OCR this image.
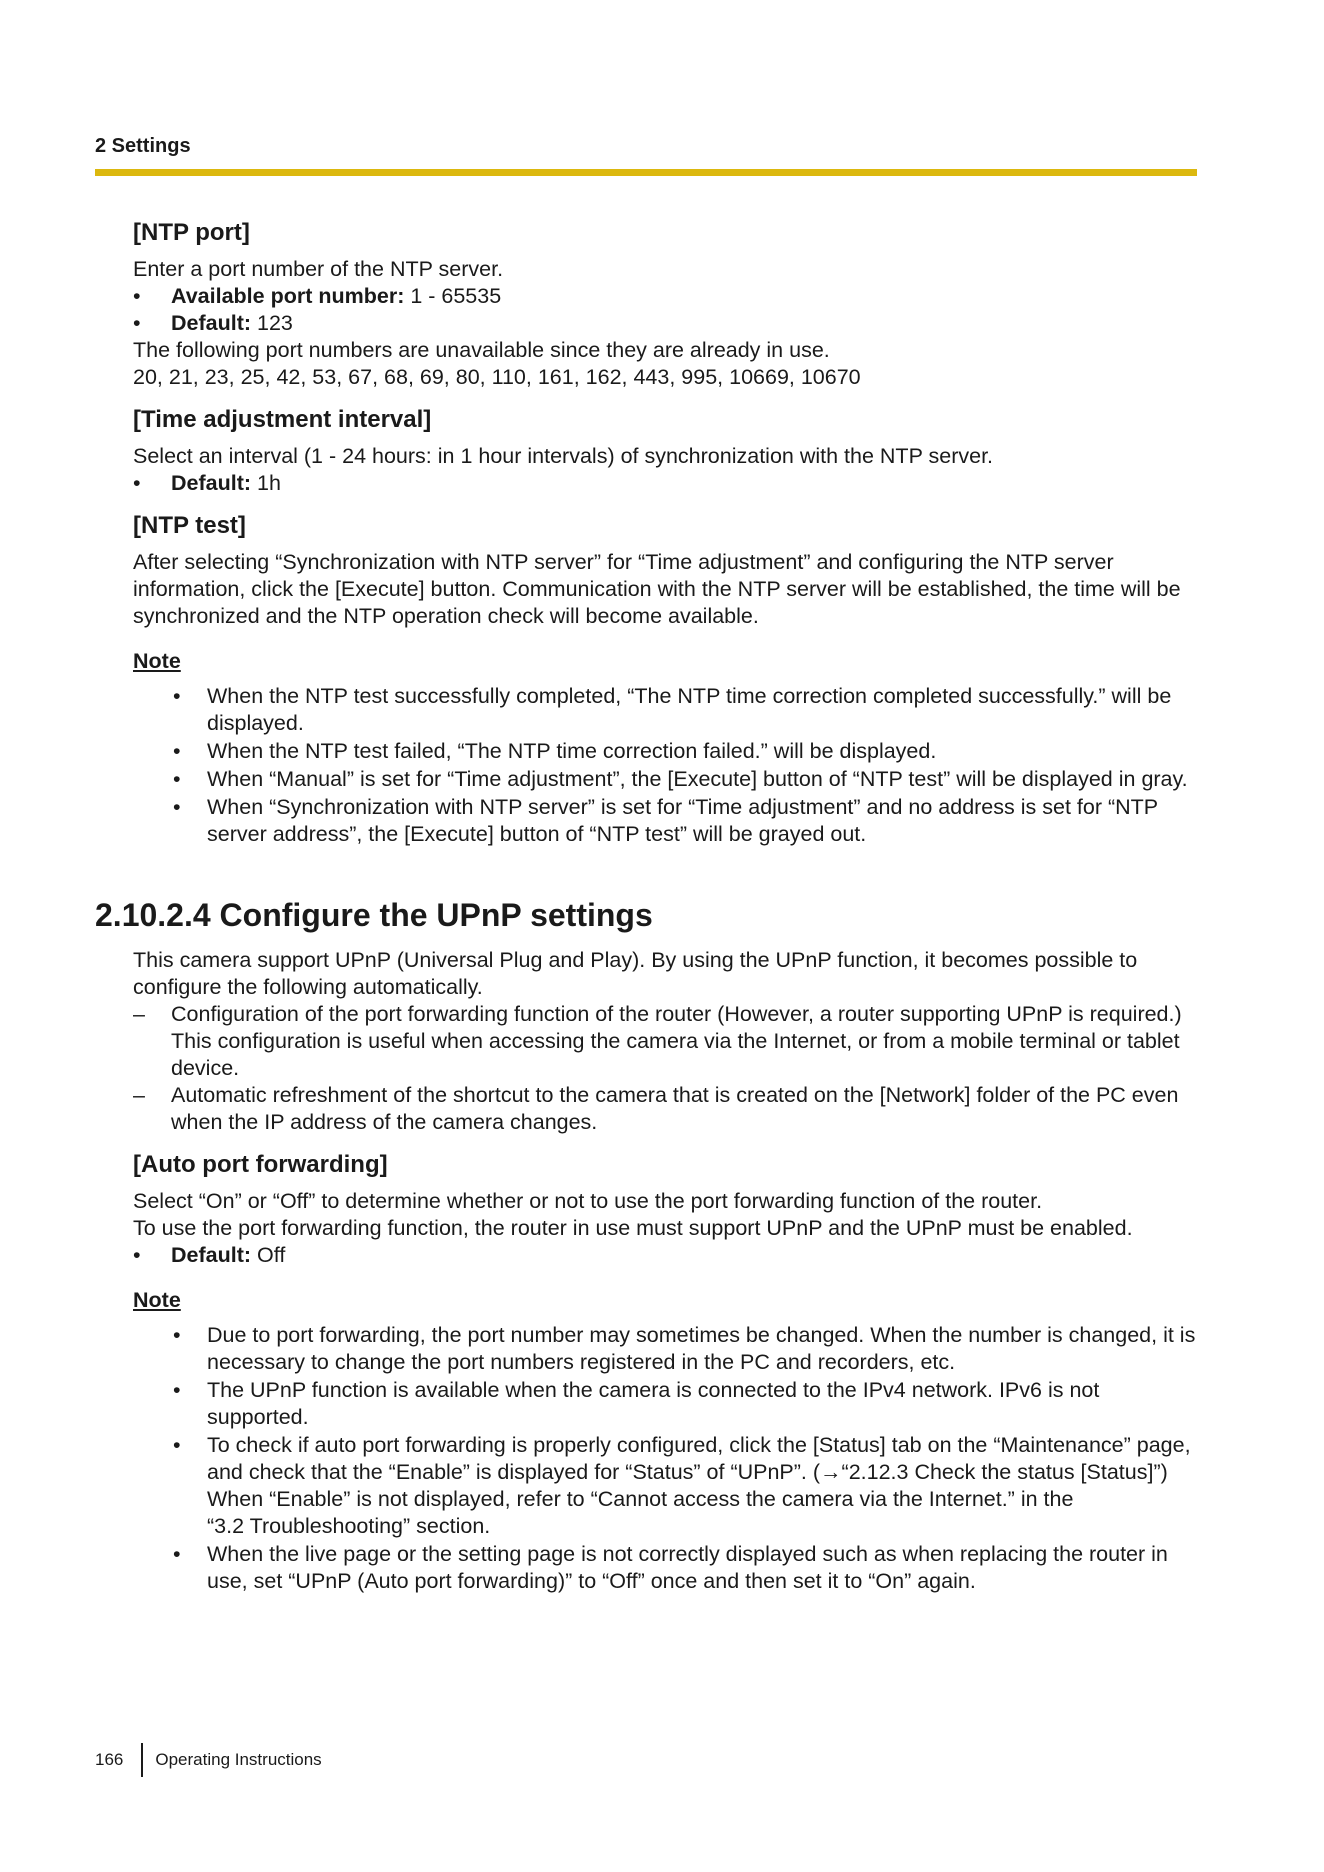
2 Settings
[NTP port]

Enter a port number of the NTP server.

• Available port number: 1 - 65535
• Default: 123

The following port numbers are unavailable since they are already in use.

20, 21, 23, 25, 42, 53, 67, 68, 69, 80, 110, 161, 162, 443, 995, 10669, 10670

[Time adjustment interval]

Select an interval (1 - 24 hours: in 1 hour intervals) of synchronization with the NTP server.

• Default: 1h
[NTP test]

After selecting “Synchronization with NTP server” for “Time adjustment” and configuring the NTP server information, click the [Execute] button. Communication with the NTP server will be established, the time will be synchronized and the NTP operation check will become available.

Note
• When the NTP test successfully completed, “The NTP time correction completed successfully.” will be displayed.
• When the NTP test failed, “The NTP time correction failed.” will be displayed.
• When “Manual” is set for “Time adjustment”, the [Execute] button of “NTP test” will be displayed in gray.
• When “Synchronization with NTP server” is set for “Time adjustment” and no address is set for “NTP server address”, the [Execute] button of “NTP test” will be grayed out.
2.10.2.4 Configure the UPnP settings

This camera support UPnP (Universal Plug and Play). By using the UPnP function, it becomes possible to configure the following automatically.

– Configuration of the port forwarding function of the router (However, a router supporting UPnP is required.) This configuration is useful when accessing the camera via the Internet, or from a mobile terminal or tablet device.
– Automatic refreshment of the shortcut to the camera that is created on the [Network] folder of the PC even when the IP address of the camera changes.
[Auto port forwarding]

Select “On” or “Off” to determine whether or not to use the port forwarding function of the router.

To use the port forwarding function, the router in use must support UPnP and the UPnP must be enabled.

• Default: Off
Note
• Due to port forwarding, the port number may sometimes be changed. When the number is changed, it is necessary to change the port numbers registered in the PC and recorders, etc.
• The UPnP function is available when the camera is connected to the IPv4 network. IPv6 is not supported.
• To check if auto port forwarding is properly configured, click the [Status] tab on the “Maintenance” page, and check that the “Enable” is displayed for “Status” of “UPnP”. (→“2.12.3 Check the status [Status]”)
When “Enable” is not displayed, refer to “Cannot access the camera via the Internet.” in the
“3.2 Troubleshooting” section.
• When the live page or the setting page is not correctly displayed such as when replacing the router in use, set “UPnP (Auto port forwarding)” to “Off” once and then set it to “On” again.
166 Operating Instructions
